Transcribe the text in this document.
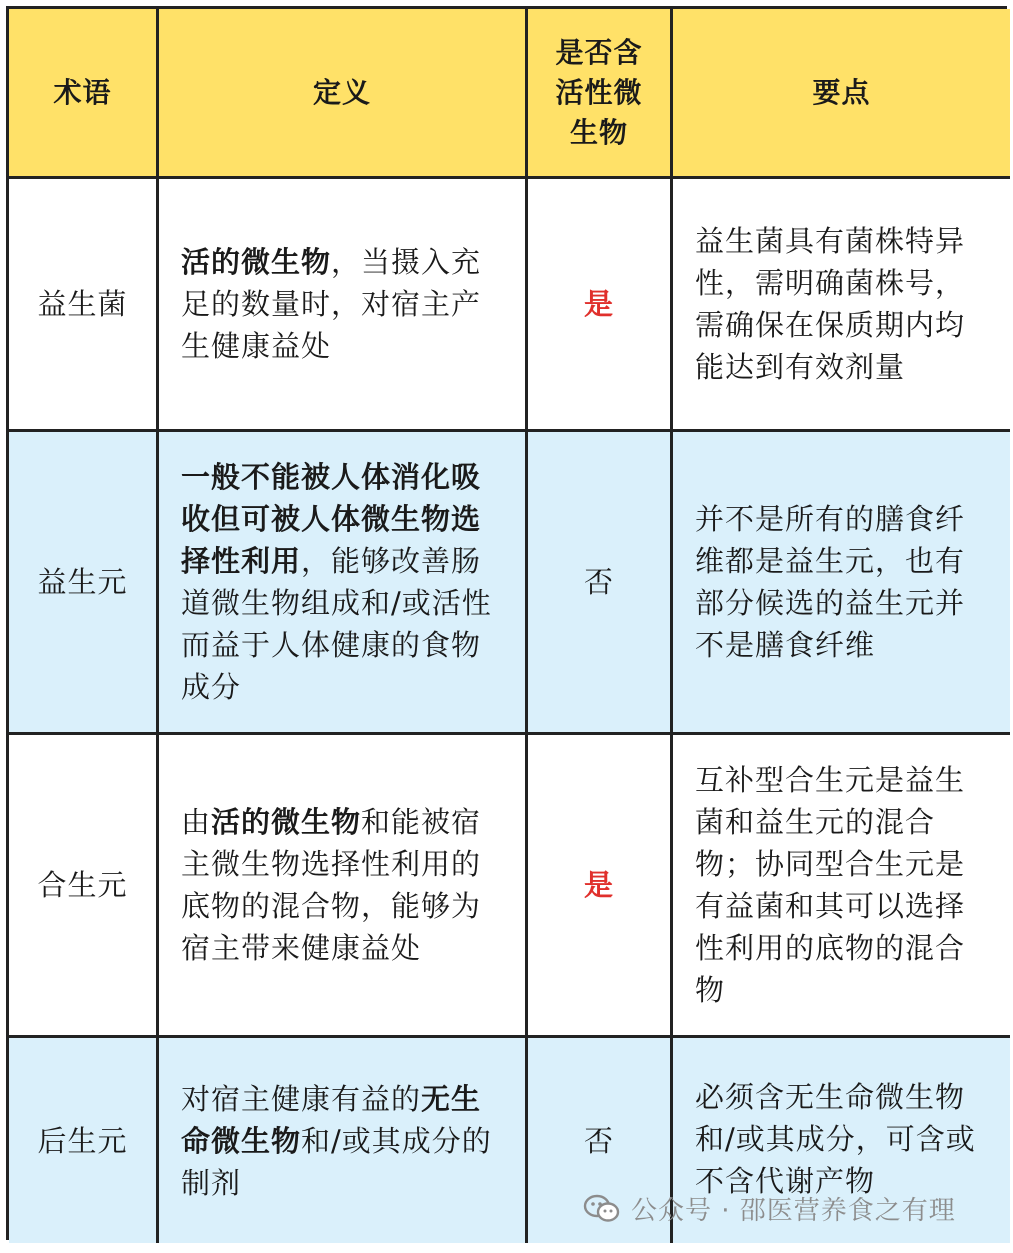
术语	定义
是否含活性微生物
要点
益生菌
活的微生物，当摄入充足的数量时，对宿主产生健康益处
是
益生菌具有菌株特异性，需明确菌株号，需确保在保质期内均能达到有效剂量
益生元
一般不能被人体消化吸收但可被人体微生物选择性利用，能够改善肠道微生物组成和/或活性而益于人体健康的食物成分
否
并不是所有的膳食纤维都是益生元，也有部分候选的益生元并不是膳食纤维
合生元
由活的微生物和能被宿主微生物选择性利用的底物的混合物，能够为宿主带来健康益处
是
互补型合生元是益生菌和益生元的混合物；协同型合生元是有益菌和其可以选择性利用的底物的混合物
后生元
对宿主健康有益的无生命微生物和/或其成分的制剂
否
必须含无生命微生物和/或其成分，可含或不含代谢产物
公众号 · 邵医营养食之有理
